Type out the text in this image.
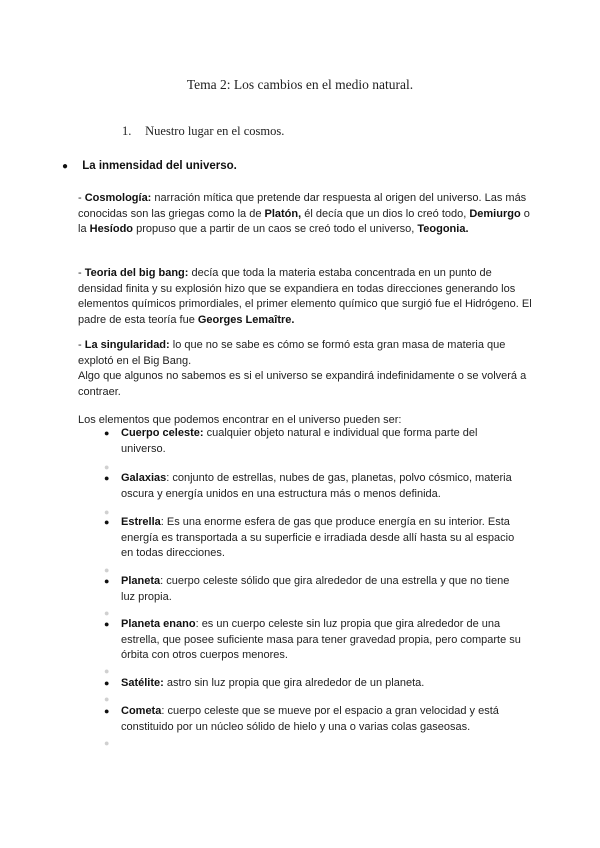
Tema 2: Los cambios en el medio natural.
1. Nuestro lugar en el cosmos.
● La inmensidad del universo.
- Cosmología: narración mítica que pretende dar respuesta al origen del universo. Las más conocidas son las griegas como la de Platón, él decía que un dios lo creó todo, Demiurgo o la Hesíodo propuso que a partir de un caos se creó todo el universo, Teogonia.
- Teoria del big bang: decía que toda la materia estaba concentrada en un punto de densidad finita y su explosión hizo que se expandiera en todas direcciones generando los elementos químicos primordiales, el primer elemento químico que surgió fue el Hidrógeno. El padre de esta teoría fue Georges Lemaître.
- La singularidad: lo que no se sabe es cómo se formó esta gran masa de materia que explotó en el Big Bang.
Algo que algunos no sabemos es si el universo se expandirá indefinidamente o se volverá a contraer.
Los elementos que podemos encontrar en el universo pueden ser:
● Cuerpo celeste: cualquier objeto natural e individual que forma parte del universo.
●
● Galaxias: conjunto de estrellas, nubes de gas, planetas, polvo cósmico, materia oscura y energía unidos en una estructura más o menos definida.
●
● Estrella: Es una enorme esfera de gas que produce energía en su interior. Esta energía es transportada a su superficie e irradiada desde allí hasta su al espacio en todas direcciones.
●
● Planeta: cuerpo celeste sólido que gira alrededor de una estrella y que no tiene luz propia.
●
● Planeta enano: es un cuerpo celeste sin luz propia que gira alrededor de una estrella, que posee suficiente masa para tener gravedad propia, pero comparte su órbita con otros cuerpos menores.
●
● Satélite: astro sin luz propia que gira alrededor de un planeta.
●
● Cometa: cuerpo celeste que se mueve por el espacio a gran velocidad y está constituido por un núcleo sólido de hielo y una o varias colas gaseosas.
●
